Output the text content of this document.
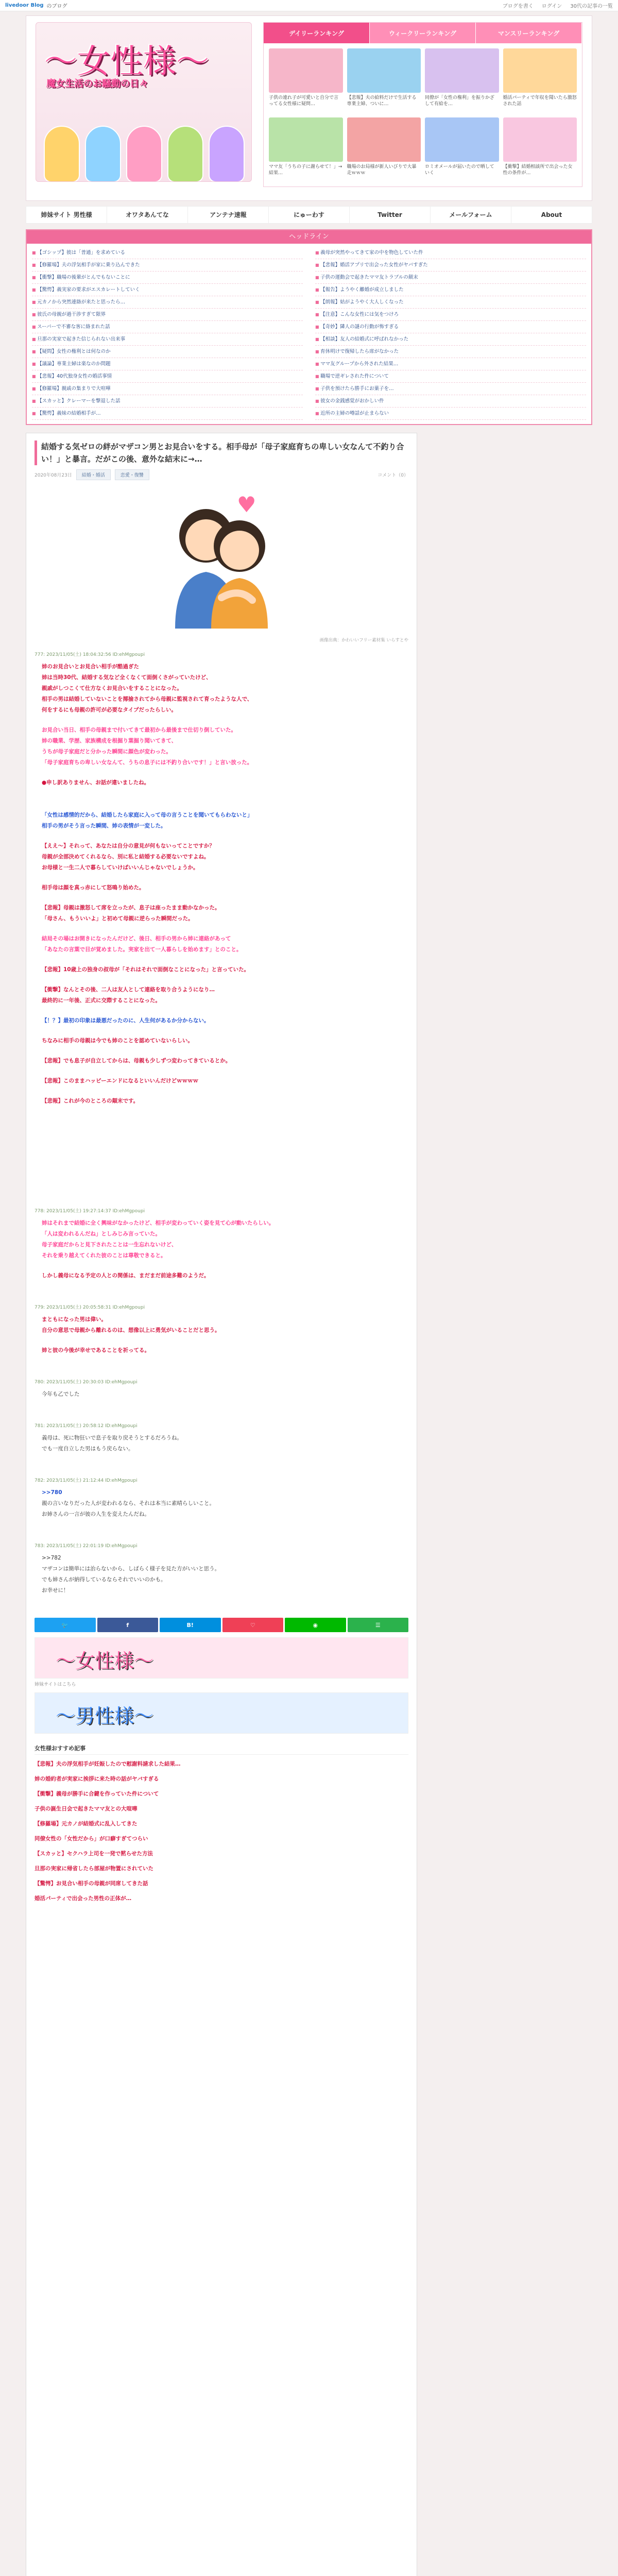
livedoor Blog のブログ	ブログを書く ログイン 30代の記事の一覧
〜女性様〜
魔女生活のお騒動の日々
デイリーランキング	ウィークリーランキング	マンスリーランキング
子供の連れ子が可愛いと自分で言ってる女性様に疑問…
【悲報】夫の給料だけで生活する専業主婦、ついに…
同僚が「女性の権利」を振りかざして有給を…
婚活パーティで年収を聞いたら激怒された話
ママ友「うちの子に謝らせて！」→ 結果…
職場のお局様が新人いびりで大暴走ｗｗｗ
ロミオメールが届いたので晒していく
【衝撃】結婚相談所で出会った女性の条件が…
姉妹サイト 男性様	オワタあんてな	アンテナ速報	にゅーわす	Twitter	メールフォーム	About
ヘッドライン
■ 【ゴシップ】彼は「普通」を求めている	■ 義母が突然やってきて家の中を物色していた件
■ 【修羅場】夫の浮気相手が家に乗り込んできた	■ 【悲報】婚活アプリで出会った女性がヤバすぎた
■ 【衝撃】職場の後輩がとんでもないことに	■ 子供の運動会で起きたママ友トラブルの顛末
■ 【驚愕】義実家の要求がエスカレートしていく	■ 【報告】ようやく離婚が成立しました
■ 元カノから突然連絡が来たと思ったら…	■ 【朗報】姑がようやく大人しくなった
■ 彼氏の母親が過干渉すぎて限界	■ 【注意】こんな女性には気をつけろ
■ スーパーで不審な客に絡まれた話	■ 【奇妙】隣人の謎の行動が怖すぎる
■ 旦那の実家で起きた信じられない出来事	■ 【相談】友人の結婚式に呼ばれなかった
■ 【疑問】女性の権利とは何なのか	■ 育休明けで復帰したら席がなかった
■ 【議論】専業主婦は楽なのか問題	■ ママ友グループから外された結果…
■ 【悲報】40代独身女性の婚活事情	■ 職場で逆ギレされた件について
■ 【修羅場】親戚の集まりで大喧嘩	■ 子供を預けたら勝手にお菓子を…
■ 【スカッと】クレーマーを撃退した話	■ 彼女の金銭感覚がおかしい件
■ 【驚愕】義妹の結婚相手が…	■ 近所の主婦の噂話が止まらない
結婚する気ゼロの絆がマザコン男とお見合いをする。相手母が「母子家庭育ちの卑しい女なんて不釣り合い！」と暴言。だがこの後、意外な結末に→…
2020年08月23日	結婚・婚活	恋愛・復讐	コメント（0）
♥
画像出典：かわいいフリー素材集 いらすとや
777: 2023/11/05(土) 18:04:32:56 ID:ehMgpoupi

姉のお見合いとお見合い相手が酷過ぎた

姉は当時30代、結婚する気など全くなくて面倒くさがっていたけど、

親戚がしつこくて仕方なくお見合いをすることになった。

相手の男は結婚していないことを揶揄されてから母親に監視されて育ったような人で、

何をするにも母親の許可が必要なタイプだったらしい。

お見合い当日、相手の母親まで付いてきて最初から最後まで仕切り倒していた。

姉の職業、学歴、家族構成を根掘り葉掘り聞いてきて、

うちが母子家庭だと分かった瞬間に顔色が変わった。

「母子家庭育ちの卑しい女なんて、うちの息子には不釣り合いです！」と言い放った。

●申し訳ありません、お話が違いましたね。

「女性は感情的だから、結婚したら家庭に入って母の言うことを聞いてもらわないと」

相手の男がそう言った瞬間、姉の表情が一変した。

【ええ～】それって、あなたは自分の意見が何もないってことですか？

母親が全部決めてくれるなら、別に私と結婚する必要ないですよね。

お母様と一生二人で暮らしていけばいいんじゃないでしょうか。

相手母は顔を真っ赤にして怒鳴り始めた。

【悲報】母親は激怒して席を立ったが、息子は座ったまま動かなかった。

「母さん、もういいよ」と初めて母親に逆らった瞬間だった。

結局その場はお開きになったんだけど、後日、相手の男から姉に連絡があって

「あなたの言葉で目が覚めました。実家を出て一人暮らしを始めます」とのこと。

【悲報】10歳上の独身の叔母が「それはそれで面倒なことになった」と言っていた。

【衝撃】なんとその後、二人は友人として連絡を取り合うようになり…

最終的に一年後、正式に交際することになった。

【！？】最初の印象は最悪だったのに、人生何があるか分からない。

ちなみに相手の母親は今でも姉のことを認めていないらしい。

【悲報】でも息子が自立してからは、母親も少しずつ変わってきているとか。

【悲報】このままハッピーエンドになるといいんだけどｗｗｗｗ

【悲報】これが今のところの顛末です。

778: 2023/11/05(土) 19:27:14:37 ID:ehMgpoupi

姉はそれまで結婚に全く興味がなかったけど、相手が変わっていく姿を見て心が動いたらしい。

「人は変われるんだね」としみじみ言っていた。

母子家庭だからと見下されたことは一生忘れないけど、

それを乗り越えてくれた彼のことは尊敬できると。

しかし義母になる予定の人との関係は、まだまだ前途多難のようだ。

779: 2023/11/05(土) 20:05:58:31 ID:ehMgpoupi

まともになった男は偉い。

自分の意思で母親から離れるのは、想像以上に勇気がいることだと思う。

姉と彼の今後が幸せであることを祈ってる。

780: 2023/11/05(土) 20:30:03 ID:ehMgpoupi

今年も乙でした

781: 2023/11/05(土) 20:58:12 ID:ehMgpoupi

義母は、死に物狂いで息子を取り戻そうとするだろうね。

でも一度自立した男はもう戻らない。

782: 2023/11/05(土) 21:12:44 ID:ehMgpoupi

>>780

親の言いなりだった人が変われるなら、それは本当に素晴らしいこと。

お姉さんの一言が彼の人生を変えたんだね。

783: 2023/11/05(土) 22:01:19 ID:ehMgpoupi

>>782

マザコンは簡単には治らないから、しばらく様子を見た方がいいと思う。

でも姉さんが納得しているならそれでいいのかも。

お幸せに！

🐦	f	B!	♡	◉	☰
〜女性様〜
姉妹サイトはこちら
〜男性様〜
女性様おすすめ記事

【悲報】夫の浮気相手が妊娠したので慰謝料請求した結果…

姉の婚約者が実家に挨拶に来た時の話がヤバすぎる

【衝撃】義母が勝手に合鍵を作っていた件について

子供の誕生日会で起きたママ友との大喧嘩

【修羅場】元カノが結婚式に乱入してきた

同僚女性の「女性だから」が口癖すぎてつらい

【スカッと】セクハラ上司を一発で黙らせた方法

旦那の実家に帰省したら部屋が物置にされていた

【驚愕】お見合い相手の母親が同席してきた話

婚活パーティで出会った男性の正体が…
